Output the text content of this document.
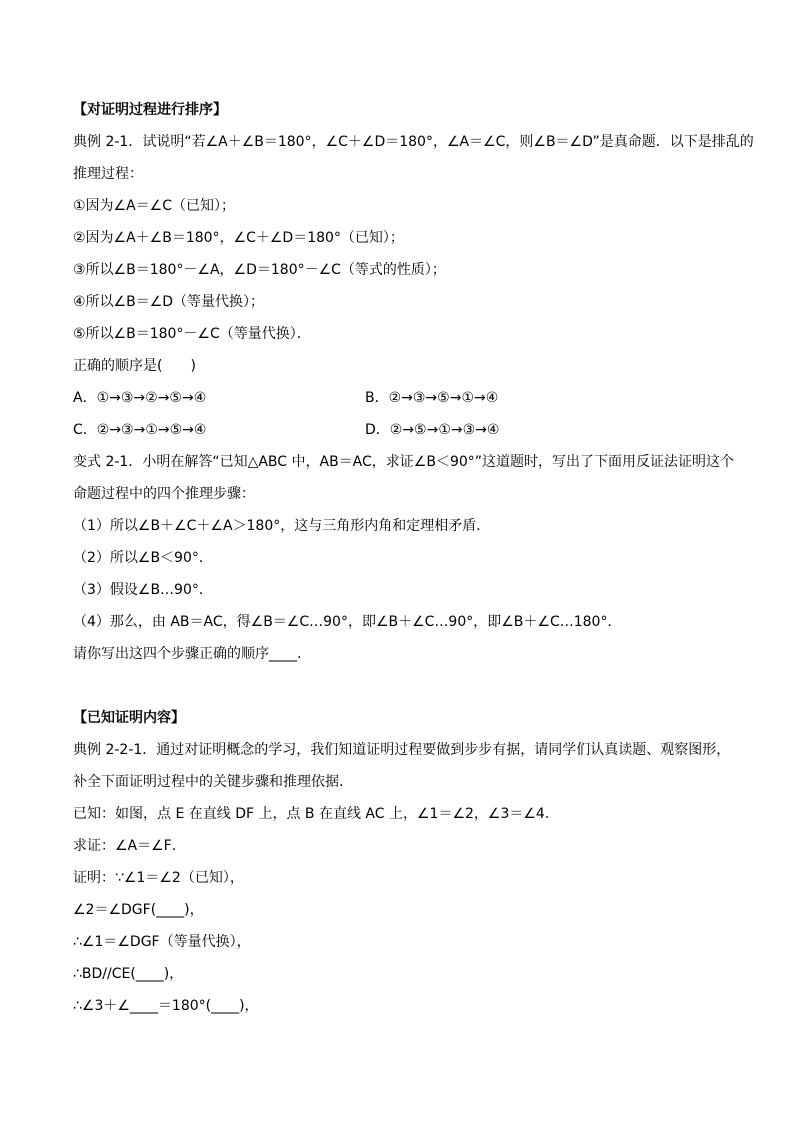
【对证明过程进行排序】
典例 2-1．试说明“若∠A＋∠B＝180°，∠C＋∠D＝180°，∠A＝∠C，则∠B＝∠D”是真命题．以下是排乱的
推理过程：
①因为∠A＝∠C（已知）；
②因为∠A＋∠B＝180°，∠C＋∠D＝180°（已知）；
③所以∠B＝180°－∠A，∠D＝180°－∠C（等式的性质）；
④所以∠B＝∠D（等量代换）；
⑤所以∠B＝180°－∠C（等量代换）．
正确的顺序是(　　)
A．①→③→②→⑤→④	B．②→③→⑤→①→④
C．②→③→①→⑤→④	D．②→⑤→①→③→④
变式 2-1．小明在解答“已知△ABC 中，AB＝AC，求证∠B＜90°”这道题时，写出了下面用反证法证明这个
命题过程中的四个推理步骤：
（1）所以∠B＋∠C＋∠A＞180°，这与三角形内角和定理相矛盾．
（2）所以∠B＜90°．
（3）假设∠B…90°．
（4）那么，由 AB＝AC，得∠B＝∠C…90°，即∠B＋∠C…90°，即∠B＋∠C…180°．
请你写出这四个步骤正确的顺序____．
【已知证明内容】
典例 2-2-1．通过对证明概念的学习，我们知道证明过程要做到步步有据，请同学们认真读题、观察图形，
补全下面证明过程中的关键步骤和推理依据．
已知：如图，点 E 在直线 DF 上，点 B 在直线 AC 上，∠1＝∠2，∠3＝∠4．
求证：∠A＝∠F．
证明：∵∠1＝∠2（已知），
∠2＝∠DGF(____)，
∴∠1＝∠DGF（等量代换），
∴BD//CE(____)，
∴∠3＋∠____＝180°(____)，
